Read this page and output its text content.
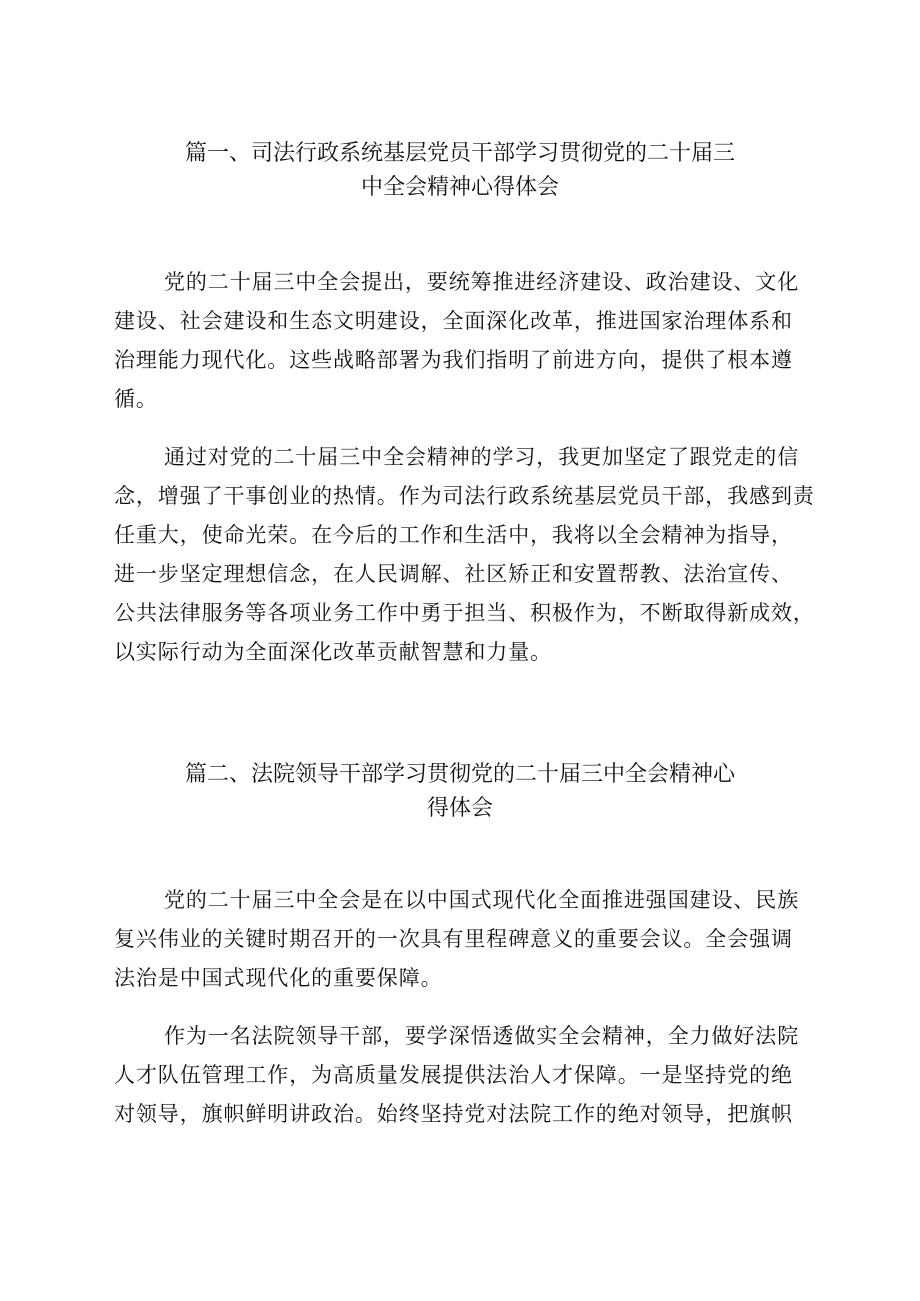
篇一、司法行政系统基层党员干部学习贯彻党的二十届三
中全会精神心得体会

党的二十届三中全会提出，要统筹推进经济建设、政治建设、文化
建设、社会建设和生态文明建设，全面深化改革，推进国家治理体系和
治理能力现代化。这些战略部署为我们指明了前进方向，提供了根本遵
循。

通过对党的二十届三中全会精神的学习，我更加坚定了跟党走的信
念，增强了干事创业的热情。作为司法行政系统基层党员干部，我感到责
任重大，使命光荣。在今后的工作和生活中，我将以全会精神为指导，
进一步坚定理想信念，在人民调解、社区矫正和安置帮教、法治宣传、
公共法律服务等各项业务工作中勇于担当、积极作为，不断取得新成效，
以实际行动为全面深化改革贡献智慧和力量。

篇二、法院领导干部学习贯彻党的二十届三中全会精神心
得体会

党的二十届三中全会是在以中国式现代化全面推进强国建设、民族
复兴伟业的关键时期召开的一次具有里程碑意义的重要会议。全会强调
法治是中国式现代化的重要保障。

作为一名法院领导干部，要学深悟透做实全会精神，全力做好法院
人才队伍管理工作，为高质量发展提供法治人才保障。一是坚持党的绝
对领导，旗帜鲜明讲政治。始终坚持党对法院工作的绝对领导，把旗帜
